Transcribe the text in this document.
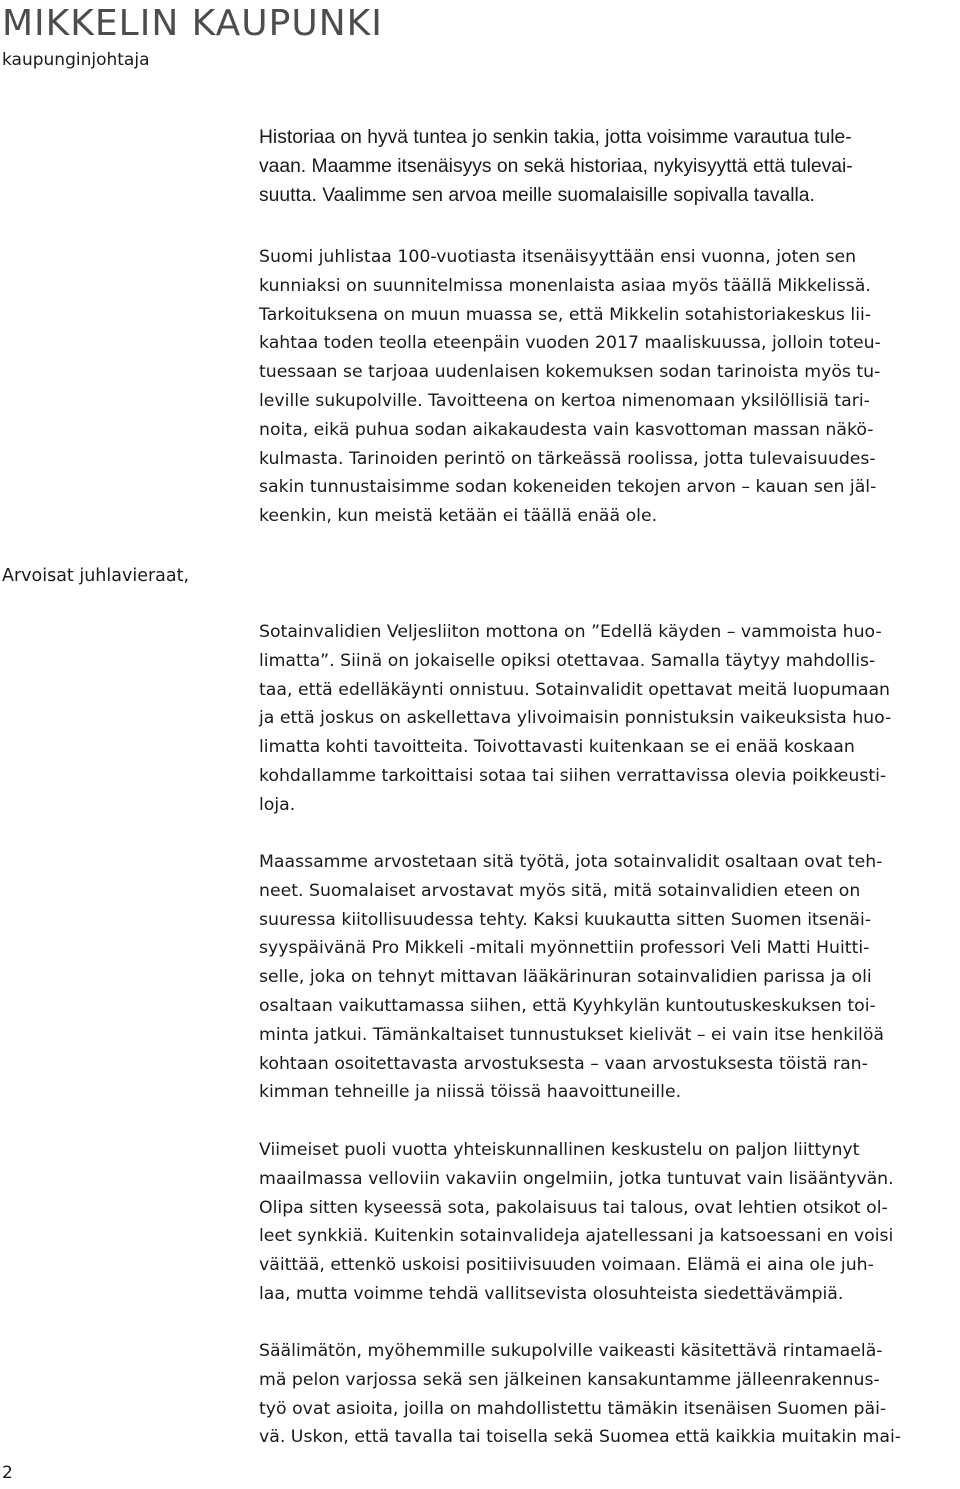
MIKKELIN KAUPUNKI
kaupunginjohtaja
Historiaa on hyvä tuntea jo senkin takia, jotta voisimme varautua tule-
vaan. Maamme itsenäisyys on sekä historiaa, nykyisyyttä että tulevai-
suutta. Vaalimme sen arvoa meille suomalaisille sopivalla tavalla.
Suomi juhlistaa 100-vuotiasta itsenäisyyttään ensi vuonna, joten sen
kunniaksi on suunnitelmissa monenlaista asiaa myös täällä Mikkelissä.
Tarkoituksena on muun muassa se, että Mikkelin sotahistoriakeskus lii-
kahtaa toden teolla eteenpäin vuoden 2017 maaliskuussa, jolloin toteu-
tuessaan se tarjoaa uudenlaisen kokemuksen sodan tarinoista myös tu-
leville sukupolville. Tavoitteena on kertoa nimenomaan yksilöllisiä tari-
noita, eikä puhua sodan aikakaudesta vain kasvottoman massan näkö-
kulmasta. Tarinoiden perintö on tärkeässä roolissa, jotta tulevaisuudes-
sakin tunnustaisimme sodan kokeneiden tekojen arvon – kauan sen jäl-
keenkin, kun meistä ketään ei täällä enää ole.
Arvoisat juhlavieraat,
Sotainvalidien Veljesliiton mottona on ”Edellä käyden – vammoista huo-
limatta”. Siinä on jokaiselle opiksi otettavaa. Samalla täytyy mahdollis-
taa, että edelläkäynti onnistuu. Sotainvalidit opettavat meitä luopumaan
ja että joskus on askellettava ylivoimaisin ponnistuksin vaikeuksista huo-
limatta kohti tavoitteita. Toivottavasti kuitenkaan se ei enää koskaan
kohdallamme tarkoittaisi sotaa tai siihen verrattavissa olevia poikkeusti-
loja.
Maassamme arvostetaan sitä työtä, jota sotainvalidit osaltaan ovat teh-
neet. Suomalaiset arvostavat myös sitä, mitä sotainvalidien eteen on
suuressa kiitollisuudessa tehty. Kaksi kuukautta sitten Suomen itsenäi-
syyspäivänä Pro Mikkeli -mitali myönnettiin professori Veli Matti Huitti-
selle, joka on tehnyt mittavan lääkärinuran sotainvalidien parissa ja oli
osaltaan vaikuttamassa siihen, että Kyyhkylän kuntoutuskeskuksen toi-
minta jatkui. Tämänkaltaiset tunnustukset kielivät – ei vain itse henkilöä
kohtaan osoitettavasta arvostuksesta – vaan arvostuksesta töistä ran-
kimman tehneille ja niissä töissä haavoittuneille.
Viimeiset puoli vuotta yhteiskunnallinen keskustelu on paljon liittynyt
maailmassa velloviin vakaviin ongelmiin, jotka tuntuvat vain lisääntyvän.
Olipa sitten kyseessä sota, pakolaisuus tai talous, ovat lehtien otsikot ol-
leet synkkiä. Kuitenkin sotainvalideja ajatellessani ja katsoessani en voisi
väittää, ettenkö uskoisi positiivisuuden voimaan. Elämä ei aina ole juh-
laa, mutta voimme tehdä vallitsevista olosuhteista siedettävämpiä.
Säälimätön, myöhemmille sukupolville vaikeasti käsitettävä rintamaelä-
mä pelon varjossa sekä sen jälkeinen kansakuntamme jälleenrakennus-
työ ovat asioita, joilla on mahdollistettu tämäkin itsenäisen Suomen päi-
vä. Uskon, että tavalla tai toisella sekä Suomea että kaikkia muitakin mai-
2
